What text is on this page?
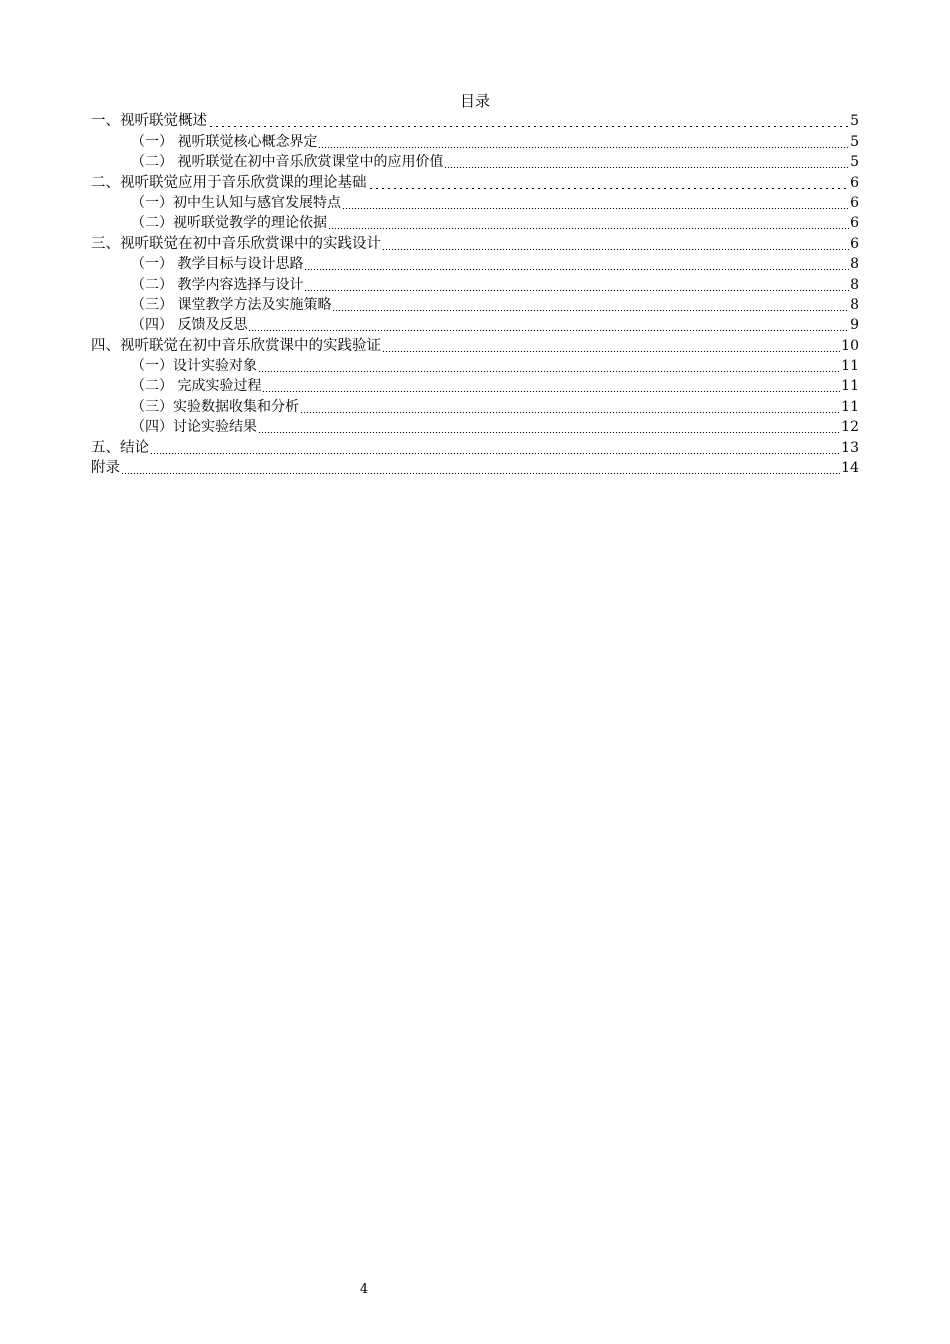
目录
一、视听联觉概述	5
（一） 视听联觉核心概念界定	5
（二） 视听联觉在初中音乐欣赏课堂中的应用价值	5
二、视听联觉应用于音乐欣赏课的理论基础	6
（一）初中生认知与感官发展特点	6
（二）视听联觉教学的理论依据	6
三、视听联觉在初中音乐欣赏课中的实践设计	6
（一） 教学目标与设计思路	8
（二） 教学内容选择与设计	8
（三） 课堂教学方法及实施策略	8
（四） 反馈及反思	9
四、视听联觉在初中音乐欣赏课中的实践验证	10
（一）设计实验对象	11
（二） 完成实验过程	11
（三）实验数据收集和分析	11
（四）讨论实验结果	12
五、结论	13
附录	14
4
